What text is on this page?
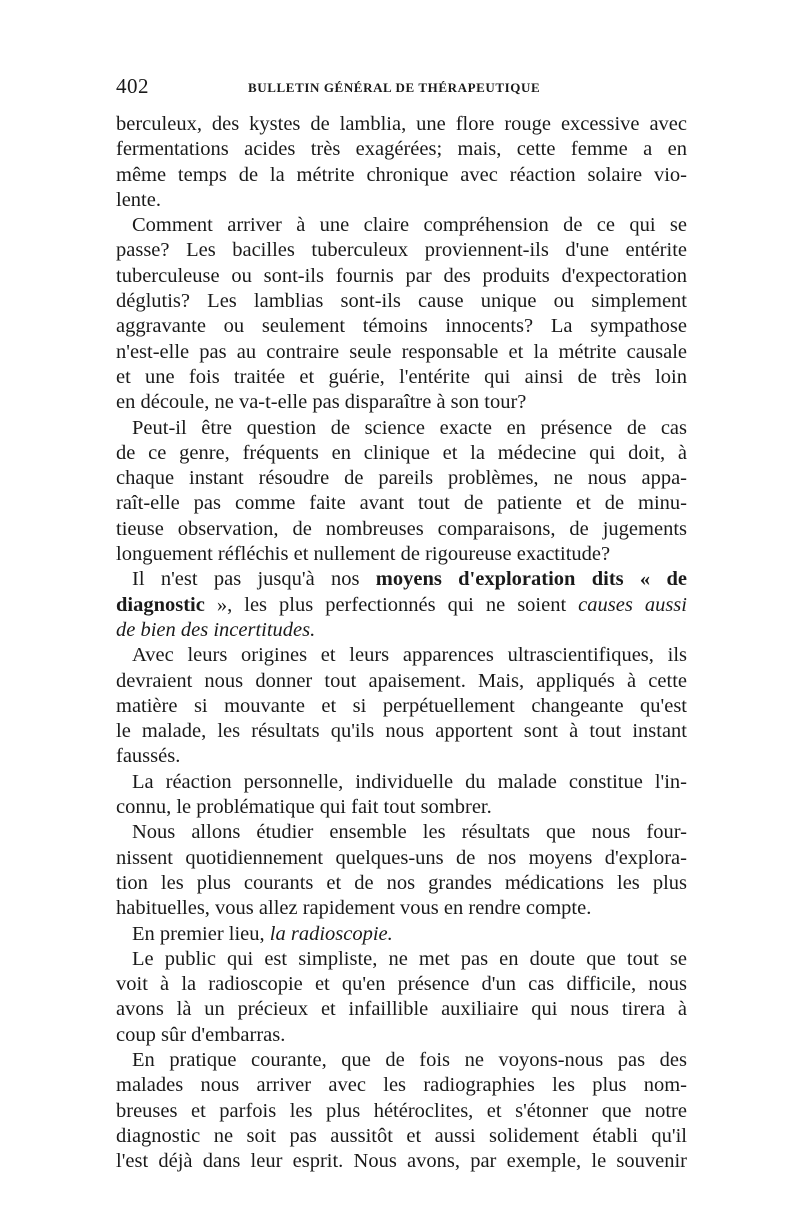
402	BULLETIN GÉNÉRAL DE THÉRAPEUTIQUE
berculeux, des kystes de lamblia, une flore rouge excessive avec
fermentations acides très exagérées; mais, cette femme a en
même temps de la métrite chronique avec réaction solaire vio-
lente.
Comment arriver à une claire compréhension de ce qui se
passe? Les bacilles tuberculeux proviennent-ils d'une entérite
tuberculeuse ou sont-ils fournis par des produits d'expectoration
déglutis? Les lamblias sont-ils cause unique ou simplement
aggravante ou seulement témoins innocents? La sympathose
n'est-elle pas au contraire seule responsable et la métrite causale
et une fois traitée et guérie, l'entérite qui ainsi de très loin
en découle, ne va-t-elle pas disparaître à son tour?
Peut-il être question de science exacte en présence de cas
de ce genre, fréquents en clinique et la médecine qui doit, à
chaque instant résoudre de pareils problèmes, ne nous appa-
raît-elle pas comme faite avant tout de patiente et de minu-
tieuse observation, de nombreuses comparaisons, de jugements
longuement réfléchis et nullement de rigoureuse exactitude?
Il n'est pas jusqu'à nos moyens d'exploration dits « de
diagnostic », les plus perfectionnés qui ne soient causes aussi
de bien des incertitudes.
Avec leurs origines et leurs apparences ultrascientifiques, ils
devraient nous donner tout apaisement. Mais, appliqués à cette
matière si mouvante et si perpétuellement changeante qu'est
le malade, les résultats qu'ils nous apportent sont à tout instant
faussés.
La réaction personnelle, individuelle du malade constitue l'in-
connu, le problématique qui fait tout sombrer.
Nous allons étudier ensemble les résultats que nous four-
nissent quotidiennement quelques-uns de nos moyens d'explora-
tion les plus courants et de nos grandes médications les plus
habituelles, vous allez rapidement vous en rendre compte.
En premier lieu, la radioscopie.
Le public qui est simpliste, ne met pas en doute que tout se
voit à la radioscopie et qu'en présence d'un cas difficile, nous
avons là un précieux et infaillible auxiliaire qui nous tirera à
coup sûr d'embarras.
En pratique courante, que de fois ne voyons-nous pas des
malades nous arriver avec les radiographies les plus nom-
breuses et parfois les plus hétéroclites, et s'étonner que notre
diagnostic ne soit pas aussitôt et aussi solidement établi qu'il
l'est déjà dans leur esprit. Nous avons, par exemple, le souvenir
